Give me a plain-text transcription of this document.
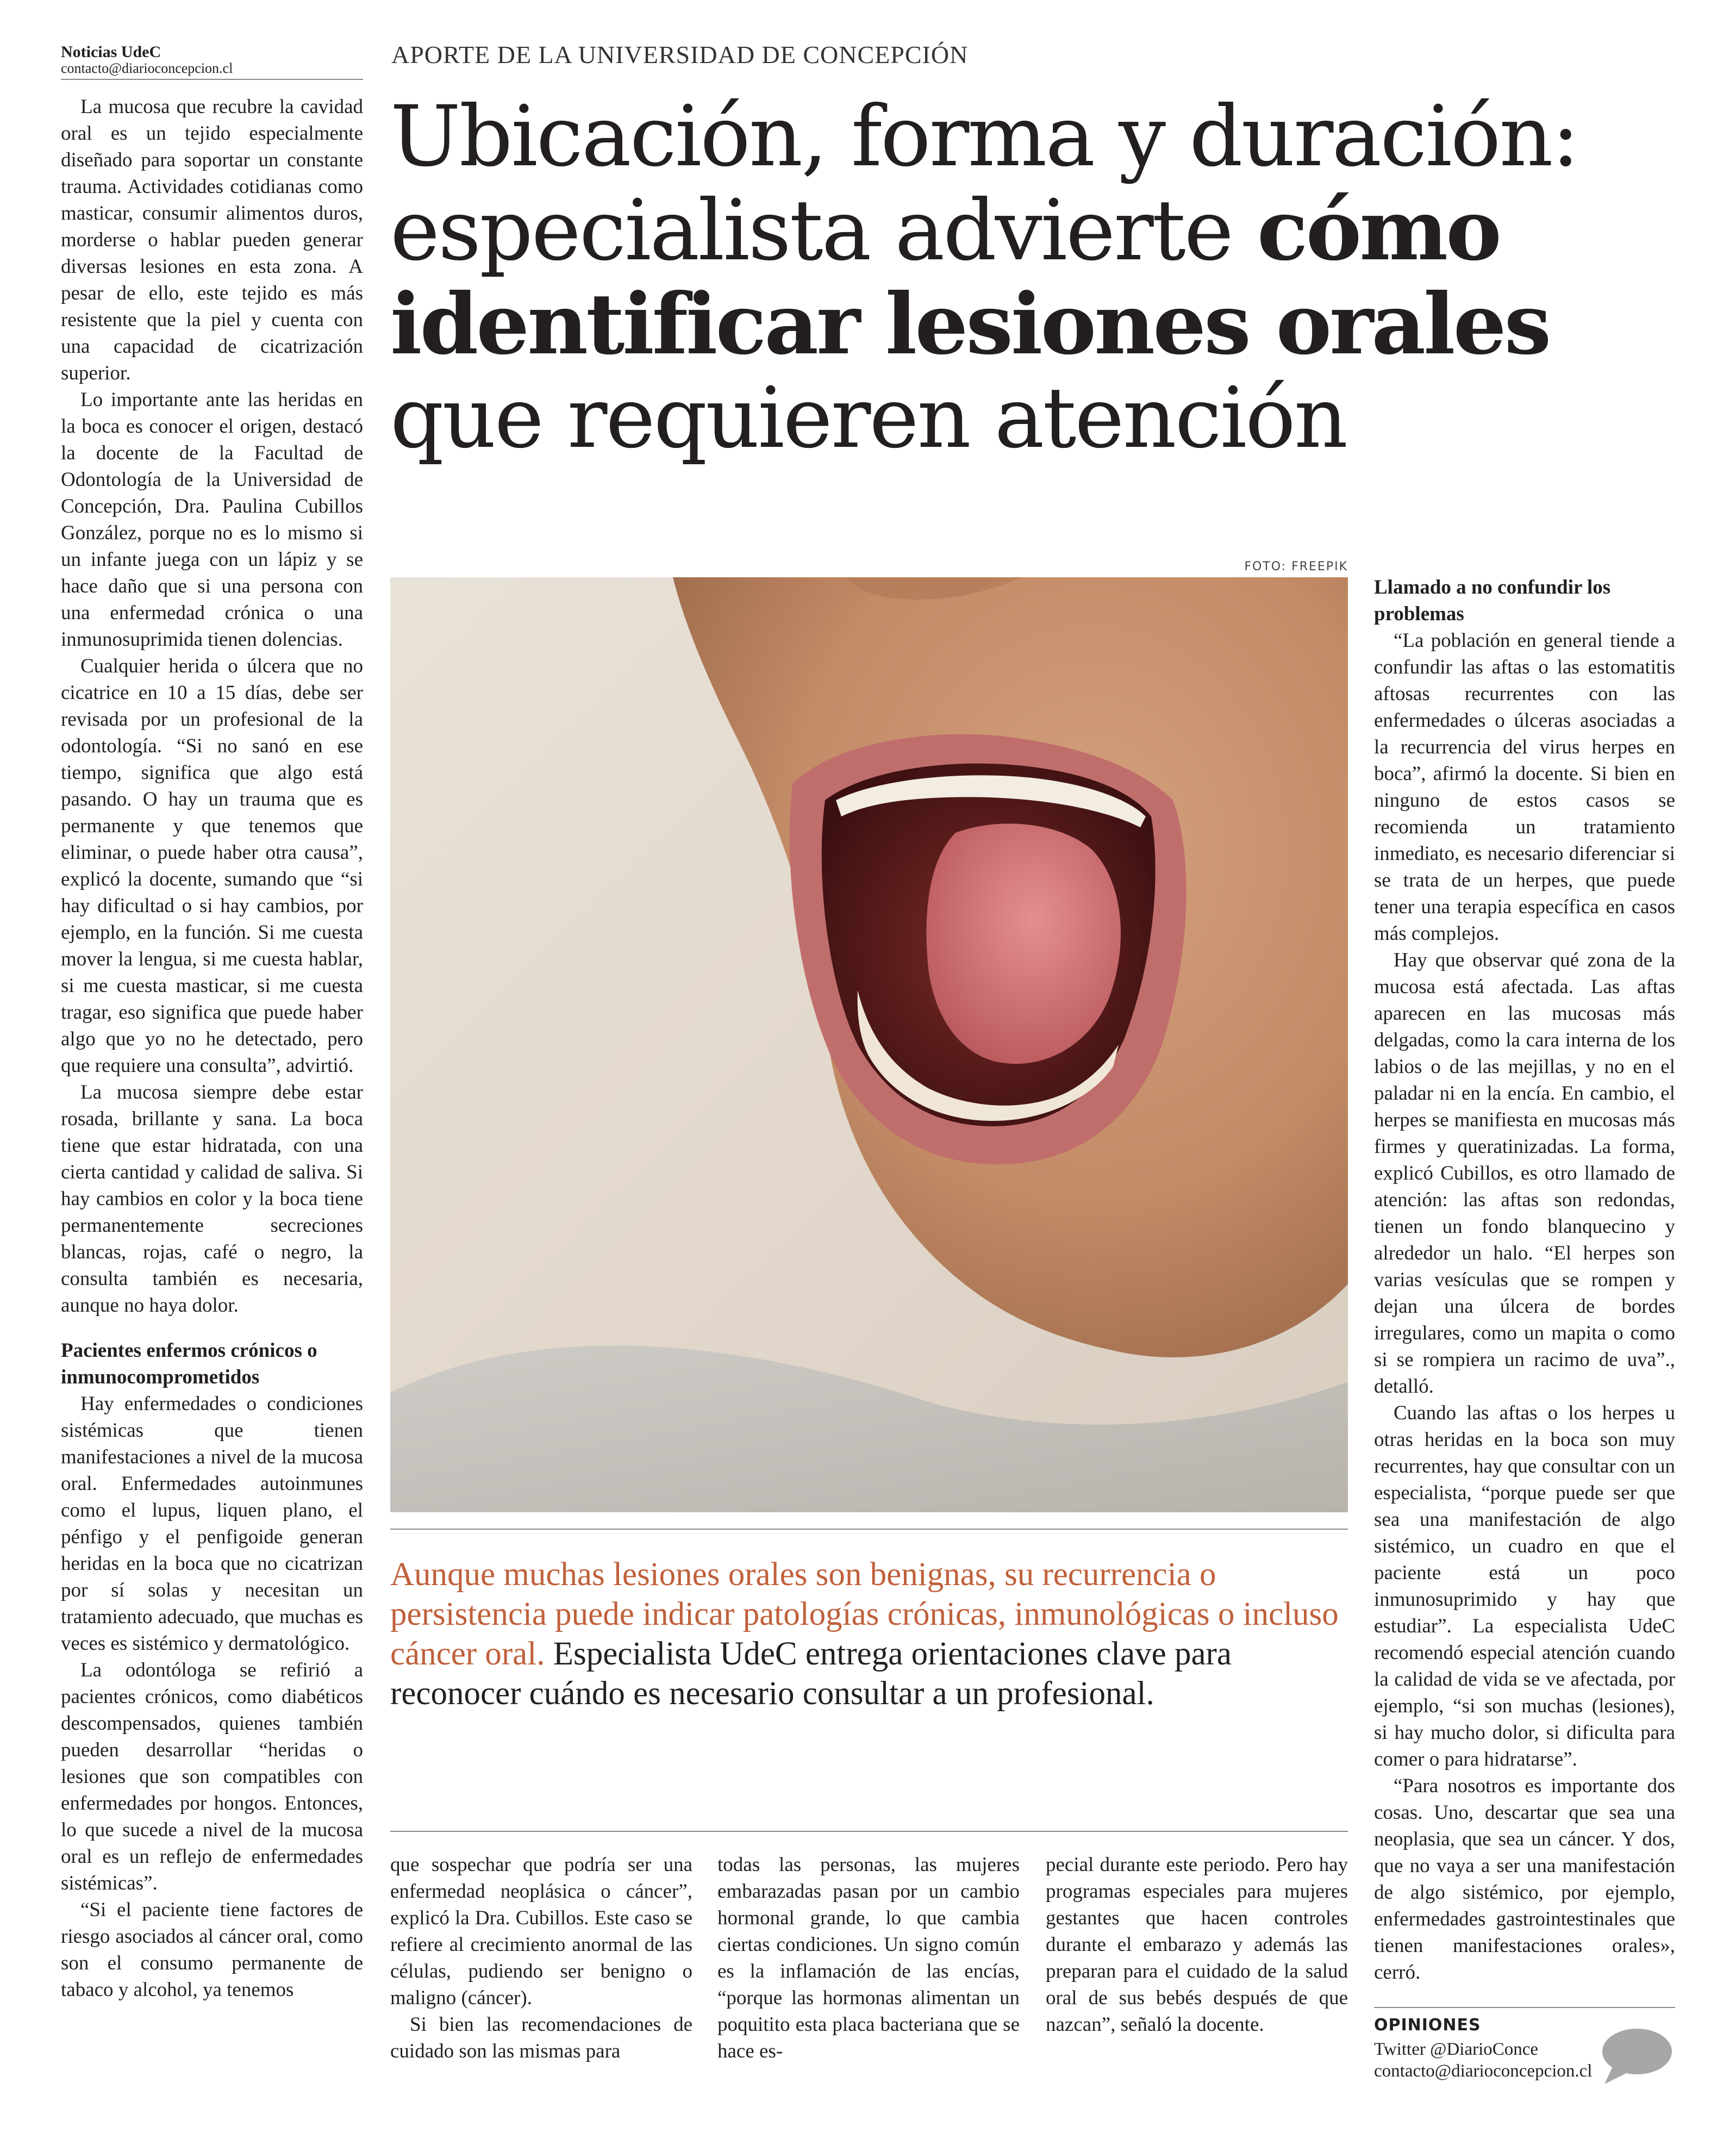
Noticias UdeC
contacto@diarioconcepcion.cl	APORTE DE LA UNIVERSIDAD DE CONCEPCIÓN

Ubicación, forma y duración:

especialista advierte cómo

identificar lesiones orales

que requieren atención

FOTO: FREEPIK
Aunque muchas lesiones orales son benignas, su recurrencia o persistencia puede indicar patologías crónicas, inmunológicas o incluso cáncer oral. Especialista UdeC entrega orientaciones clave para reconocer cuándo es necesario consultar a un profesional.

La mucosa que recubre la cavidad oral es un tejido especialmente diseñado para soportar un constante trauma. Actividades cotidianas como masticar, consumir alimentos duros, morderse o hablar pueden generar diversas lesiones en esta zona. A pesar de ello, este tejido es más resistente que la piel y cuenta con una capacidad de cicatrización superior.

Lo importante ante las heridas en la boca es conocer el origen, destacó la docente de la Facultad de Odontología de la Universidad de Concepción, Dra. Paulina Cubillos González, porque no es lo mismo si un infante juega con un lápiz y se hace daño que si una persona con una enfermedad crónica o una inmunosuprimida tienen dolencias.

Cualquier herida o úlcera que no cicatrice en 10 a 15 días, debe ser revisada por un profesional de la odontología. “Si no sanó en ese tiempo, significa que algo está pasando. O hay un trauma que es permanente y que tenemos que eliminar, o puede haber otra causa”, explicó la docente, sumando que “si hay dificultad o si hay cambios, por ejemplo, en la función. Si me cuesta mover la lengua, si me cuesta hablar, si me cuesta masticar, si me cuesta tragar, eso significa que puede haber algo que yo no he detectado, pero que requiere una consulta”, advirtió.

La mucosa siempre debe estar rosada, brillante y sana. La boca tiene que estar hidratada, con una cierta cantidad y calidad de saliva. Si hay cambios en color y la boca tiene permanentemente secreciones blancas, rojas, café o negro, la consulta también es necesaria, aunque no haya dolor.

Pacientes enfermos crónicos o inmunocomprometidos

Hay enfermedades o condiciones sistémicas que tienen manifestaciones a nivel de la mucosa oral. Enfermedades autoinmunes como el lupus, liquen plano, el pénfigo y el penfigoide generan heridas en la boca que no cicatrizan por sí solas y necesitan un tratamiento adecuado, que muchas es veces es sistémico y dermatológico.

La odontóloga se refirió a pacientes crónicos, como diabéticos descompensados, quienes también pueden desarrollar “heridas o lesiones que son compatibles con enfermedades por hongos. Entonces, lo que sucede a nivel de la mucosa oral es un reflejo de enfermedades sistémicas”.

“Si el paciente tiene factores de riesgo asociados al cáncer oral, como son el consumo permanente de tabaco y alcohol, ya tenemos

que sospechar que podría ser una enfermedad neoplásica o cáncer”, explicó la Dra. Cubillos. Este caso se refiere al crecimiento anormal de las células, pudiendo ser benigno o maligno (cáncer).

Si bien las recomendaciones de cuidado son las mismas para

todas las personas, las mujeres embarazadas pasan por un cambio hormonal grande, lo que cambia ciertas condiciones. Un signo común es la inflamación de las encías, “porque las hormonas alimentan un poquitito esta placa bacteriana que se hace es-

pecial durante este periodo. Pero hay programas especiales para mujeres gestantes que hacen controles durante el embarazo y además las preparan para el cuidado de la salud oral de sus bebés después de que nazcan”, señaló la docente.

Llamado a no confundir los problemas

“La población en general tiende a confundir las aftas o las estomatitis aftosas recurrentes con las enfermedades o úlceras asociadas a la recurrencia del virus herpes en boca”, afirmó la docente. Si bien en ninguno de estos casos se recomienda un tratamiento inmediato, es necesario diferenciar si se trata de un herpes, que puede tener una terapia específica en casos más complejos.

Hay que observar qué zona de la mucosa está afectada. Las aftas aparecen en las mucosas más delgadas, como la cara interna de los labios o de las mejillas, y no en el paladar ni en la encía. En cambio, el herpes se manifiesta en mucosas más firmes y queratinizadas. La forma, explicó Cubillos, es otro llamado de atención: las aftas son redondas, tienen un fondo blanquecino y alrededor un halo. “El herpes son varias vesículas que se rompen y dejan una úlcera de bordes irregulares, como un mapita o como si se rompiera un racimo de uva”., detalló.

Cuando las aftas o los herpes u otras heridas en la boca son muy recurrentes, hay que consultar con un especialista, “porque puede ser que sea una manifestación de algo sistémico, un cuadro en que el paciente está un poco inmunosuprimido y hay que estudiar”. La especialista UdeC recomendó especial atención cuando la calidad de vida se ve afectada, por ejemplo, “si son muchas (lesiones), si hay mucho dolor, si dificulta para comer o para hidratarse”.

“Para nosotros es importante dos cosas. Uno, descartar que sea una neoplasia, que sea un cáncer. Y dos, que no vaya a ser una manifestación de algo sistémico, por ejemplo, enfermedades gastrointestinales que tienen manifestaciones orales», cerró.

OPINIONES
Twitter @DiarioConce
contacto@diarioconcepcion.cl
